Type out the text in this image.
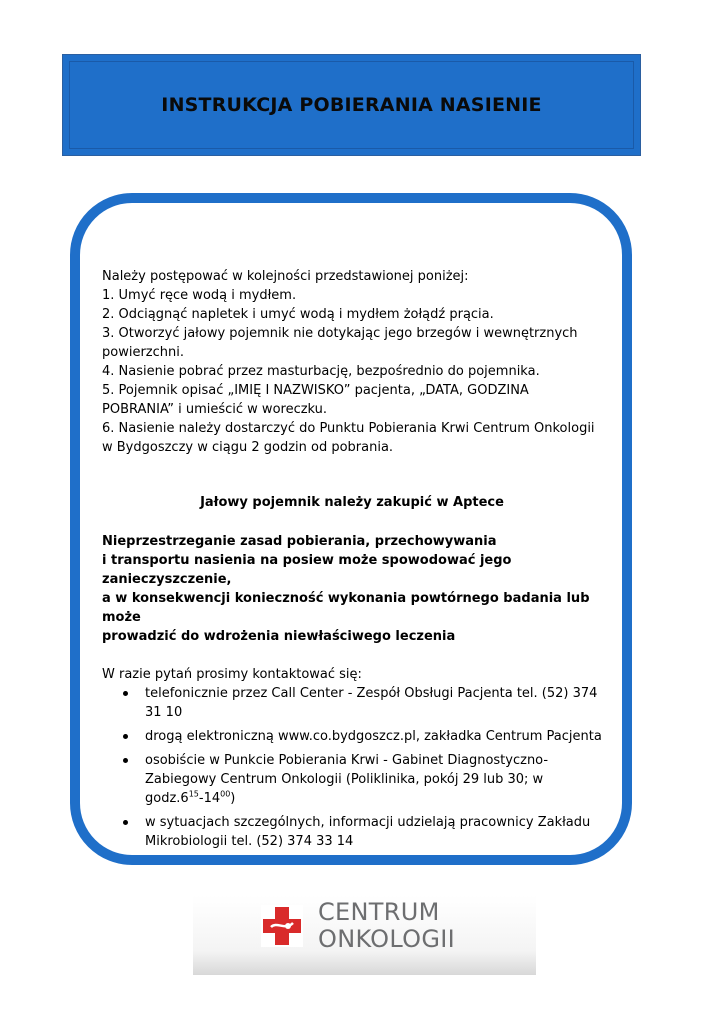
INSTRUKCJA POBIERANIA NASIENIE

Należy postępować w kolejności przedstawionej poniżej:

1. Umyć ręce wodą i mydłem.

2. Odciągnąć napletek i umyć wodą i mydłem żołądź prącia.

3. Otworzyć jałowy pojemnik nie dotykając jego brzegów i wewnętrznych powierzchni.

4. Nasienie pobrać przez masturbację, bezpośrednio do pojemnika.

5. Pojemnik opisać „IMIĘ I NAZWISKO” pacjenta, „DATA, GODZINA POBRANIA” i umieścić w woreczku.

6. Nasienie należy dostarczyć do Punktu Pobierania Krwi Centrum Onkologii w Bydgoszczy w ciągu 2 godzin od pobrania.

Jałowy pojemnik należy zakupić w Aptece

Nieprzestrzeganie zasad pobierania, przechowywania

i transportu nasienia na posiew może spowodować jego zanieczyszczenie,

a w konsekwencji konieczność wykonania powtórnego badania lub może

prowadzić do wdrożenia niewłaściwego leczenia

W razie pytań prosimy kontaktować się:

telefonicznie przez Call Center - Zespół Obsługi Pacjenta tel. (52) 374 31 10
drogą elektroniczną www.co.bydgoszcz.pl, zakładka Centrum Pacjenta
osobiście w Punkcie Pobierania Krwi - Gabinet Diagnostyczno-Zabiegowy Centrum Onkologii (Poliklinika, pokój 29 lub 30; w $godz.6^{15}-14^{00}$)
w sytuacjach szczególnych, informacji udzielają pracownicy Zakładu Mikrobiologii tel. (52) 374 33 14
CENTRUM
ONKOLOGII
